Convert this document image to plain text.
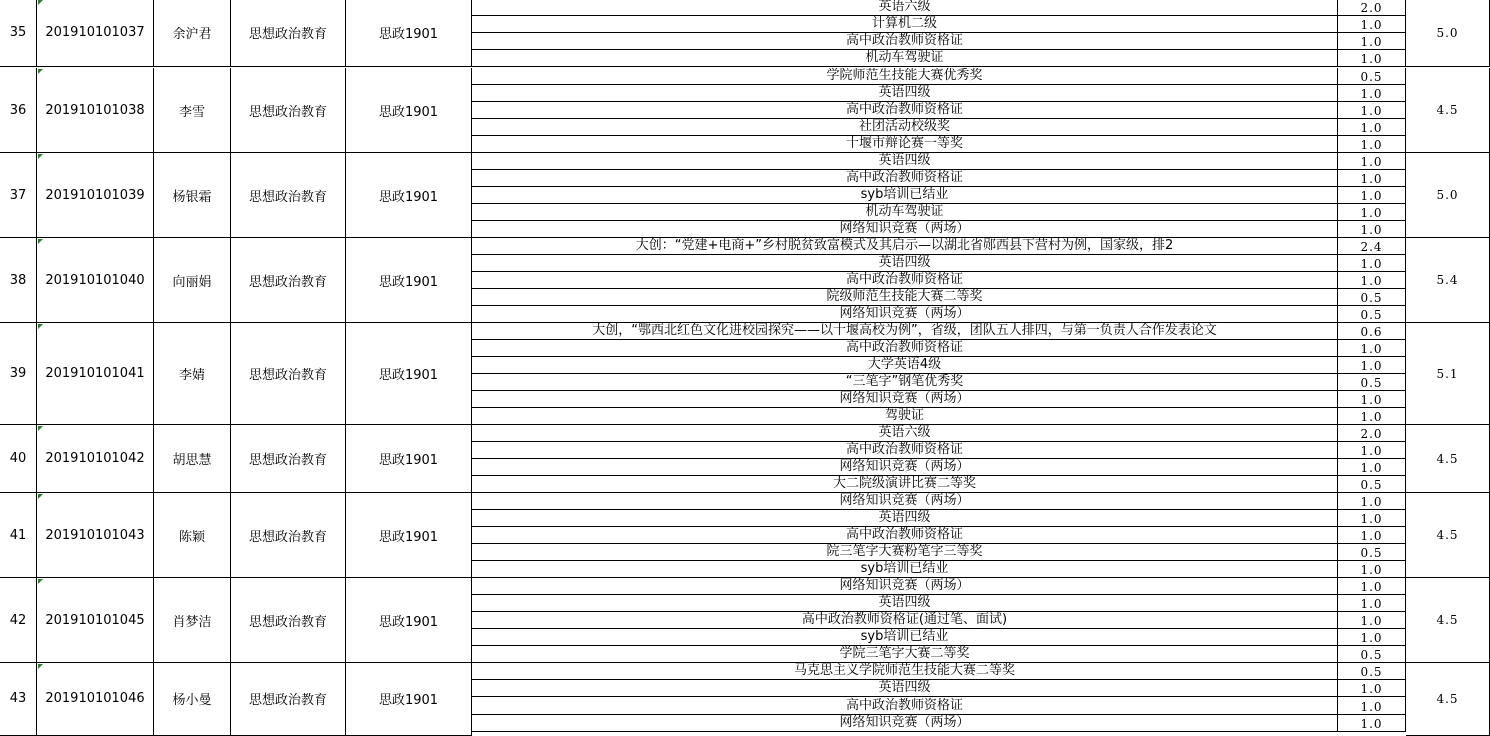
35	201910101037	余沪君	思想政治教育	思政1901
英语六级	2.0
计算机二级	1.0
高中政治教师资格证	1.0
机动车驾驶证	1.0
5.0
36	201910101038	李雪	思想政治教育	思政1901
学院师范生技能大赛优秀奖	0.5
英语四级	1.0
高中政治教师资格证	1.0
社团活动校级奖	1.0
十堰市辩论赛一等奖	1.0
4.5
37	201910101039	杨银霜	思想政治教育	思政1901
英语四级	1.0
高中政治教师资格证	1.0
syb培训已结业	1.0
机动车驾驶证	1.0
网络知识竞赛（两场）	1.0
5.0
38	201910101040	向丽娟	思想政治教育	思政1901
大创：“党建+电商+”乡村脱贫致富模式及其启示—以湖北省郧西县下营村为例，国家级，排2	2.4
英语四级	1.0
高中政治教师资格证	1.0
院级师范生技能大赛二等奖	0.5
网络知识竞赛（两场）	0.5
5.4
39	201910101041	李婧	思想政治教育	思政1901
大创，“鄂西北红色文化进校园探究——以十堰高校为例”，省级，团队五人排四，与第一负责人合作发表论文	0.6
高中政治教师资格证	1.0
大学英语4级	1.0
“三笔字”钢笔优秀奖	0.5
网络知识竞赛（两场）	1.0
驾驶证	1.0
5.1
40	201910101042	胡思慧	思想政治教育	思政1901
英语六级	2.0
高中政治教师资格证	1.0
网络知识竞赛（两场）	1.0
大二院级演讲比赛二等奖	0.5
4.5
41	201910101043	陈颖	思想政治教育	思政1901
网络知识竞赛（两场）	1.0
英语四级	1.0
高中政治教师资格证	1.0
院三笔字大赛粉笔字三等奖	0.5
syb培训已结业	1.0
4.5
42	201910101045	肖梦洁	思想政治教育	思政1901
网络知识竞赛（两场）	1.0
英语四级	1.0
高中政治教师资格证(通过笔、面试)	1.0
syb培训已结业	1.0
学院三笔字大赛二等奖	0.5
4.5
43	201910101046	杨小曼	思想政治教育	思政1901
马克思主义学院师范生技能大赛二等奖	0.5
英语四级	1.0
高中政治教师资格证	1.0
网络知识竞赛（两场）	1.0
4.5
